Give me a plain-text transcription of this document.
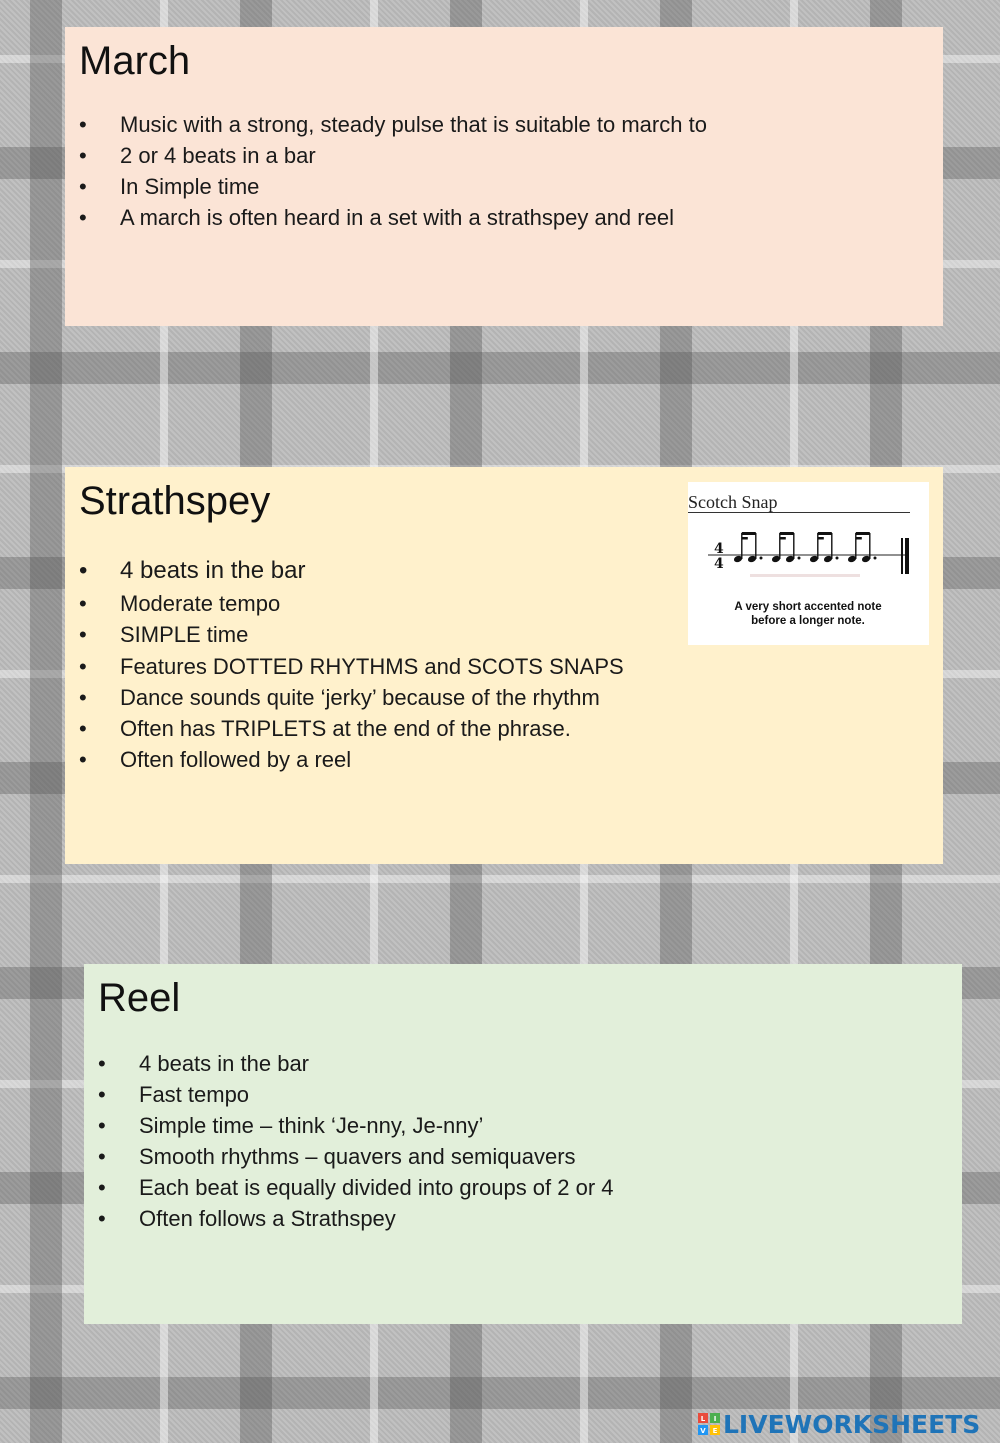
March
•	Music with a strong, steady pulse that is suitable to march to
•	2 or 4 beats in a bar
•	In Simple time
•	A march is often heard in a set with a strathspey and reel
Strathspey
•	4 beats in the bar
•	Moderate tempo
•	SIMPLE time
•	Features DOTTED RHYTHMS and SCOTS SNAPS
•	Dance sounds quite ‘jerky’ because of the rhythm
•	Often has TRIPLETS at the end of the phrase.
•	Often followed by a reel
Scotch Snap
4
4
A very short accented note before a longer note.
Reel
•	4 beats in the bar
•	Fast tempo
•	Simple time – think ‘Je-nny, Je-nny’
•	Smooth rhythms – quavers and semiquavers
•	Each beat is equally divided into groups of 2 or 4
•	Often follows a Strathspey
L I
V E LIVEWORKSHEETS
